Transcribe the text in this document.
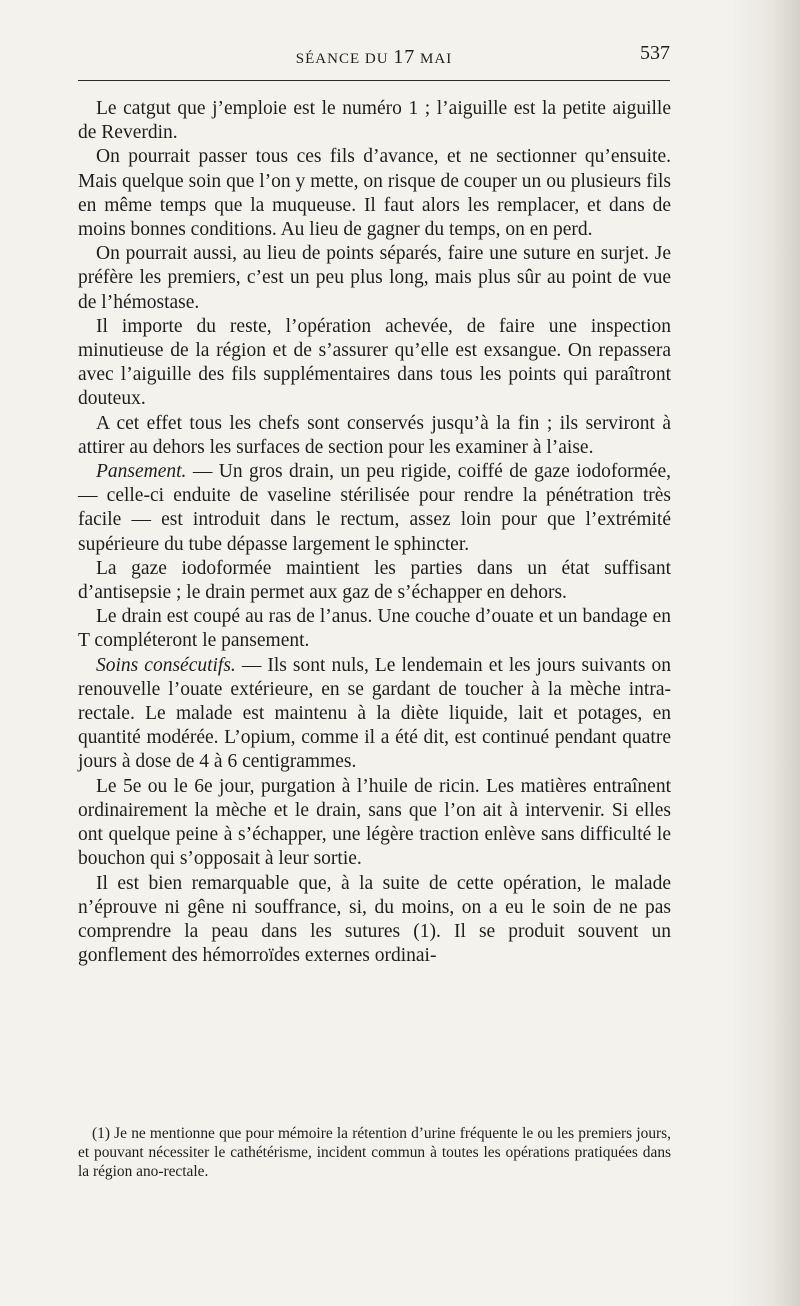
SÉANCE DU 17 MAI	537

Le catgut que j’emploie est le numéro 1 ; l’aiguille est la petite aiguille de Reverdin.

On pourrait passer tous ces fils d’avance, et ne sectionner qu’ensuite. Mais quelque soin que l’on y mette, on risque de couper un ou plusieurs fils en même temps que la muqueuse. Il faut alors les remplacer, et dans de moins bonnes conditions. Au lieu de gagner du temps, on en perd.

On pourrait aussi, au lieu de points séparés, faire une suture en surjet. Je préfère les premiers, c’est un peu plus long, mais plus sûr au point de vue de l’hémostase.

Il importe du reste, l’opération achevée, de faire une inspection minutieuse de la région et de s’assurer qu’elle est exsangue. On repassera avec l’aiguille des fils supplémentaires dans tous les points qui paraîtront douteux.

A cet effet tous les chefs sont conservés jusqu’à la fin ; ils serviront à attirer au dehors les surfaces de section pour les examiner à l’aise.

Pansement. — Un gros drain, un peu rigide, coiffé de gaze iodoformée, — celle-ci enduite de vaseline stérilisée pour rendre la pénétration très facile — est introduit dans le rectum, assez loin pour que l’extrémité supérieure du tube dépasse largement le sphincter.

La gaze iodoformée maintient les parties dans un état suffisant d’antisepsie ; le drain permet aux gaz de s’échapper en dehors.

Le drain est coupé au ras de l’anus. Une couche d’ouate et un bandage en T compléteront le pansement.

Soins consécutifs. — Ils sont nuls, Le lendemain et les jours suivants on renouvelle l’ouate extérieure, en se gardant de toucher à la mèche intra-rectale. Le malade est maintenu à la diète liquide, lait et potages, en quantité modérée. L’opium, comme il a été dit, est continué pendant quatre jours à dose de 4 à 6 centigrammes.

Le 5e ou le 6e jour, purgation à l’huile de ricin. Les matières entraînent ordinairement la mèche et le drain, sans que l’on ait à intervenir. Si elles ont quelque peine à s’échapper, une légère traction enlève sans difficulté le bouchon qui s’opposait à leur sortie.

Il est bien remarquable que, à la suite de cette opération, le malade n’éprouve ni gêne ni souffrance, si, du moins, on a eu le soin de ne pas comprendre la peau dans les sutures (1). Il se produit souvent un gonflement des hémorroïdes externes ordinai-

(1) Je ne mentionne que pour mémoire la rétention d’urine fréquente le ou les premiers jours, et pouvant nécessiter le cathétérisme, incident commun à toutes les opérations pratiquées dans la région ano-rectale.
